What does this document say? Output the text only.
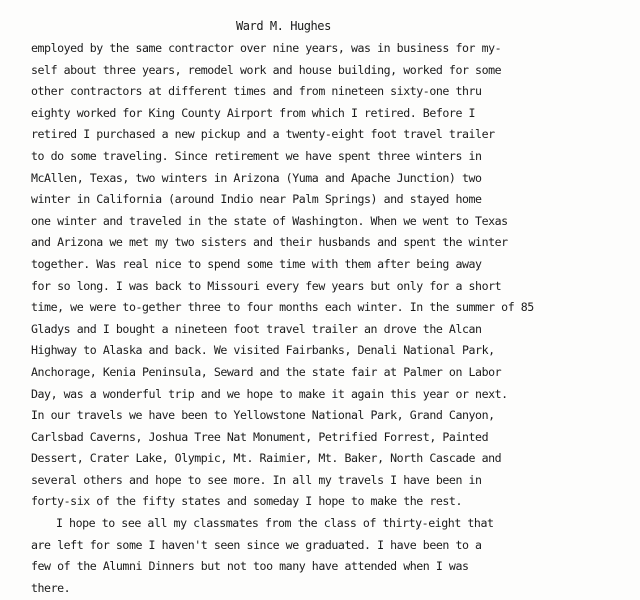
Ward M. Hughes
employed by the same contractor over nine years, was in business for my-
self about three years, remodel work and house building, worked for some
other contractors at different times and from nineteen sixty-one thru
eighty worked for King County Airport from which I retired. Before I
retired I purchased a new pickup and a twenty-eight foot travel trailer
to do some traveling. Since retirement we have spent three winters in
McAllen, Texas, two winters in Arizona (Yuma and Apache Junction) two
winter in California (around Indio near Palm Springs) and stayed home
one winter and traveled in the state of Washington. When we went to Texas
and Arizona we met my two sisters and their husbands and spent the winter
together. Was real nice to spend some time with them after being away
for so long. I was back to Missouri every few years but only for a short
time, we were to-gether three to four months each winter. In the summer of 85
Gladys and I bought a nineteen foot travel trailer an drove the Alcan
Highway to Alaska and back. We visited Fairbanks, Denali National Park,
Anchorage, Kenia Peninsula, Seward and the state fair at Palmer on Labor
Day, was a wonderful trip and we hope to make it again this year or next.
In our travels we have been to Yellowstone National Park, Grand Canyon,
Carlsbad Caverns, Joshua Tree Nat Monument, Petrified Forrest, Painted
Dessert, Crater Lake, Olympic, Mt. Raimier, Mt. Baker, North Cascade and
several others and hope to see more. In all my travels I have been in
forty-six of the fifty states and someday I hope to make the rest.
I hope to see all my classmates from the class of thirty-eight that
are left for some I haven't seen since we graduated. I have been to a
few of the Alumni Dinners but not too many have attended when I was
there.
